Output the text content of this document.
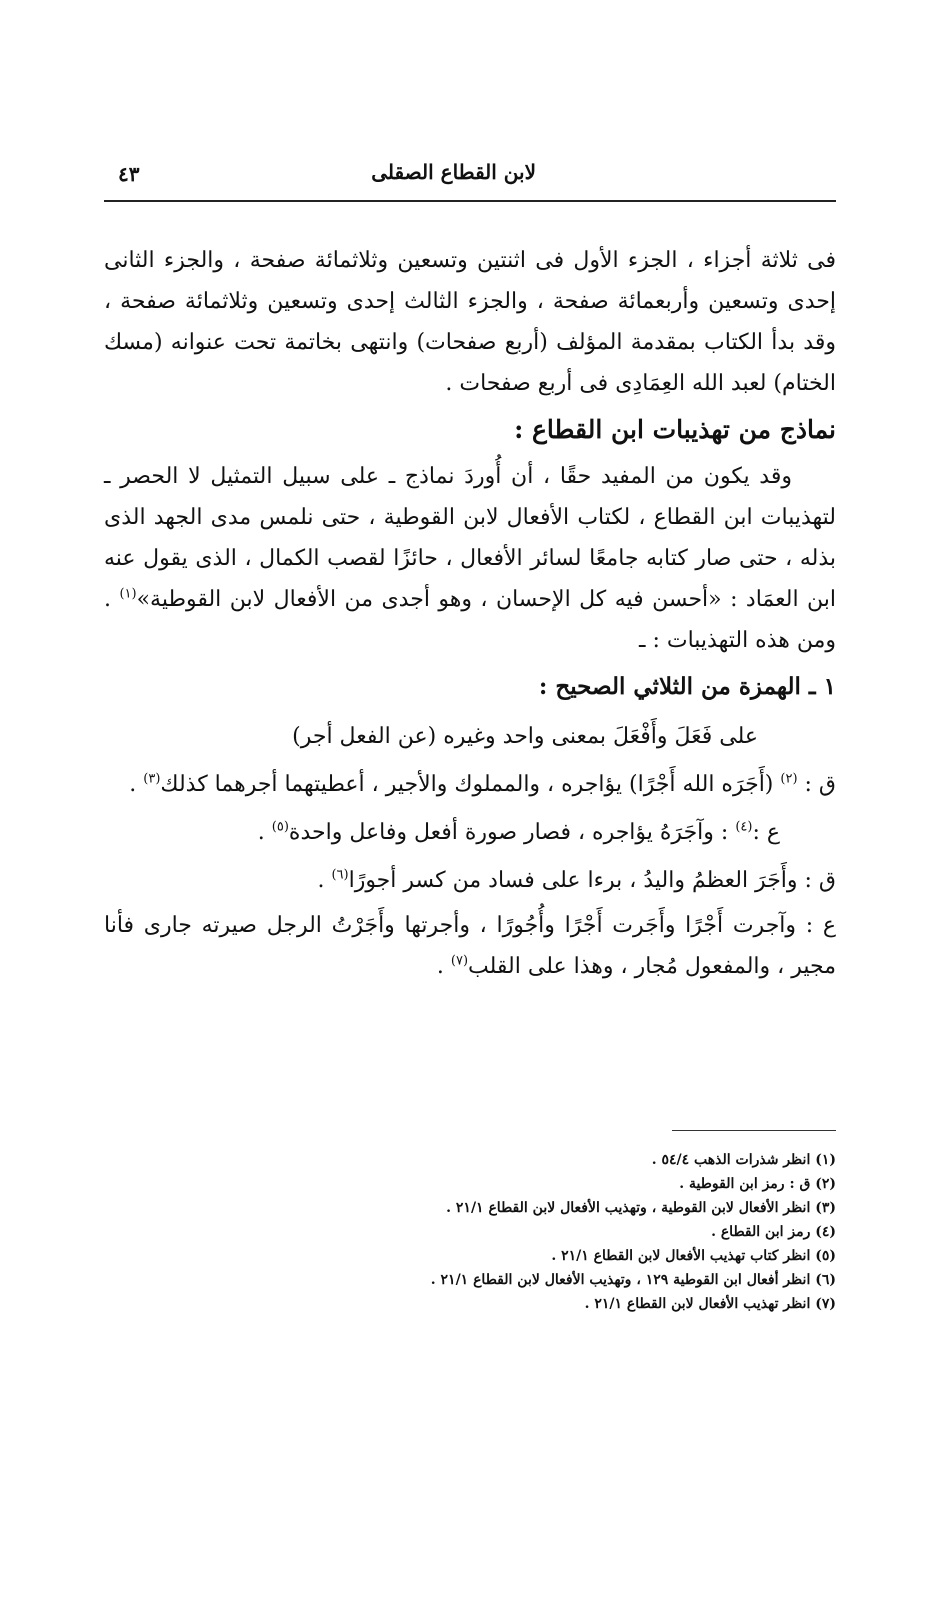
لابن القطاع الصقلى
٤٣

فى ثلاثة أجزاء ، الجزء الأول فى اثنتين وتسعين وثلاثمائة صفحة ، والجزء الثانى إحدى وتسعين وأربعمائة صفحة ، والجزء الثالث إحدى وتسعين وثلاثمائة صفحة ، وقد بدأ الكتاب بمقدمة المؤلف (أربع صفحات) وانتهى بخاتمة تحت عنوانه (مسك الختام) لعبد الله العِمَادِى فى أربع صفحات .

نماذج من تهذيبات ابن القطاع :

وقد يكون من المفيد حقًا ، أن أُوردَ نماذج ـ على سبيل التمثيل لا الحصر ـ لتهذيبات ابن القطاع ، لكتاب الأفعال لابن القوطية ، حتى نلمس مدى الجهد الذى بذله ، حتى صار كتابه جامعًا لسائر الأفعال ، حائزًا لقصب الكمال ، الذى يقول عنه ابن العمَاد : «أحسن فيه كل الإحسان ، وهو أجدى من الأفعال لابن القوطية»$^{(١)}$ . ومن هذه التهذيبات : ـ

١ ـ الهمزة من الثلاثي الصحيح :

على فَعَلَ وأَفْعَلَ بمعنى واحد وغيره (عن الفعل أجر)

ق : $^{(٢)}$ (أَجَرَه الله أَجْرًا) يؤاجره ، والمملوك والأجير ، أعطيتهما أجرهما كذلك$^{(٣)}$ .

ع :$^{(٤)}$ : وآجَرَهُ يؤاجره ، فصار صورة أفعل وفاعل واحدة$^{(٥)}$ .

ق : وأَجَرَ العظمُ واليدُ ، برءا على فساد من كسر أجورًا$^{(٦)}$ .

ع : وآجرت أَجْرًا وأَجَرت أَجْرًا وأُجُورًا ، وأجرتها وأَجَرْتُ الرجل صيرته جارى فأنا مجير ، والمفعول مُجار ، وهذا على القلب$^{(٧)}$ .

(١) انظر شذرات الذهب ٥٤/٤ .

(٢) ق : رمز ابن القوطية .

(٣) انظر الأفعال لابن القوطية ، وتهذيب الأفعال لابن القطاع ٢١/١ .

(٤) رمز ابن القطاع .

(٥) انظر كتاب تهذيب الأفعال لابن القطاع ٢١/١ .

(٦) انظر أفعال ابن القوطية ١٢٩ ، وتهذيب الأفعال لابن القطاع ٢١/١ .

(٧) انظر تهذيب الأفعال لابن القطاع ٢١/١ .
